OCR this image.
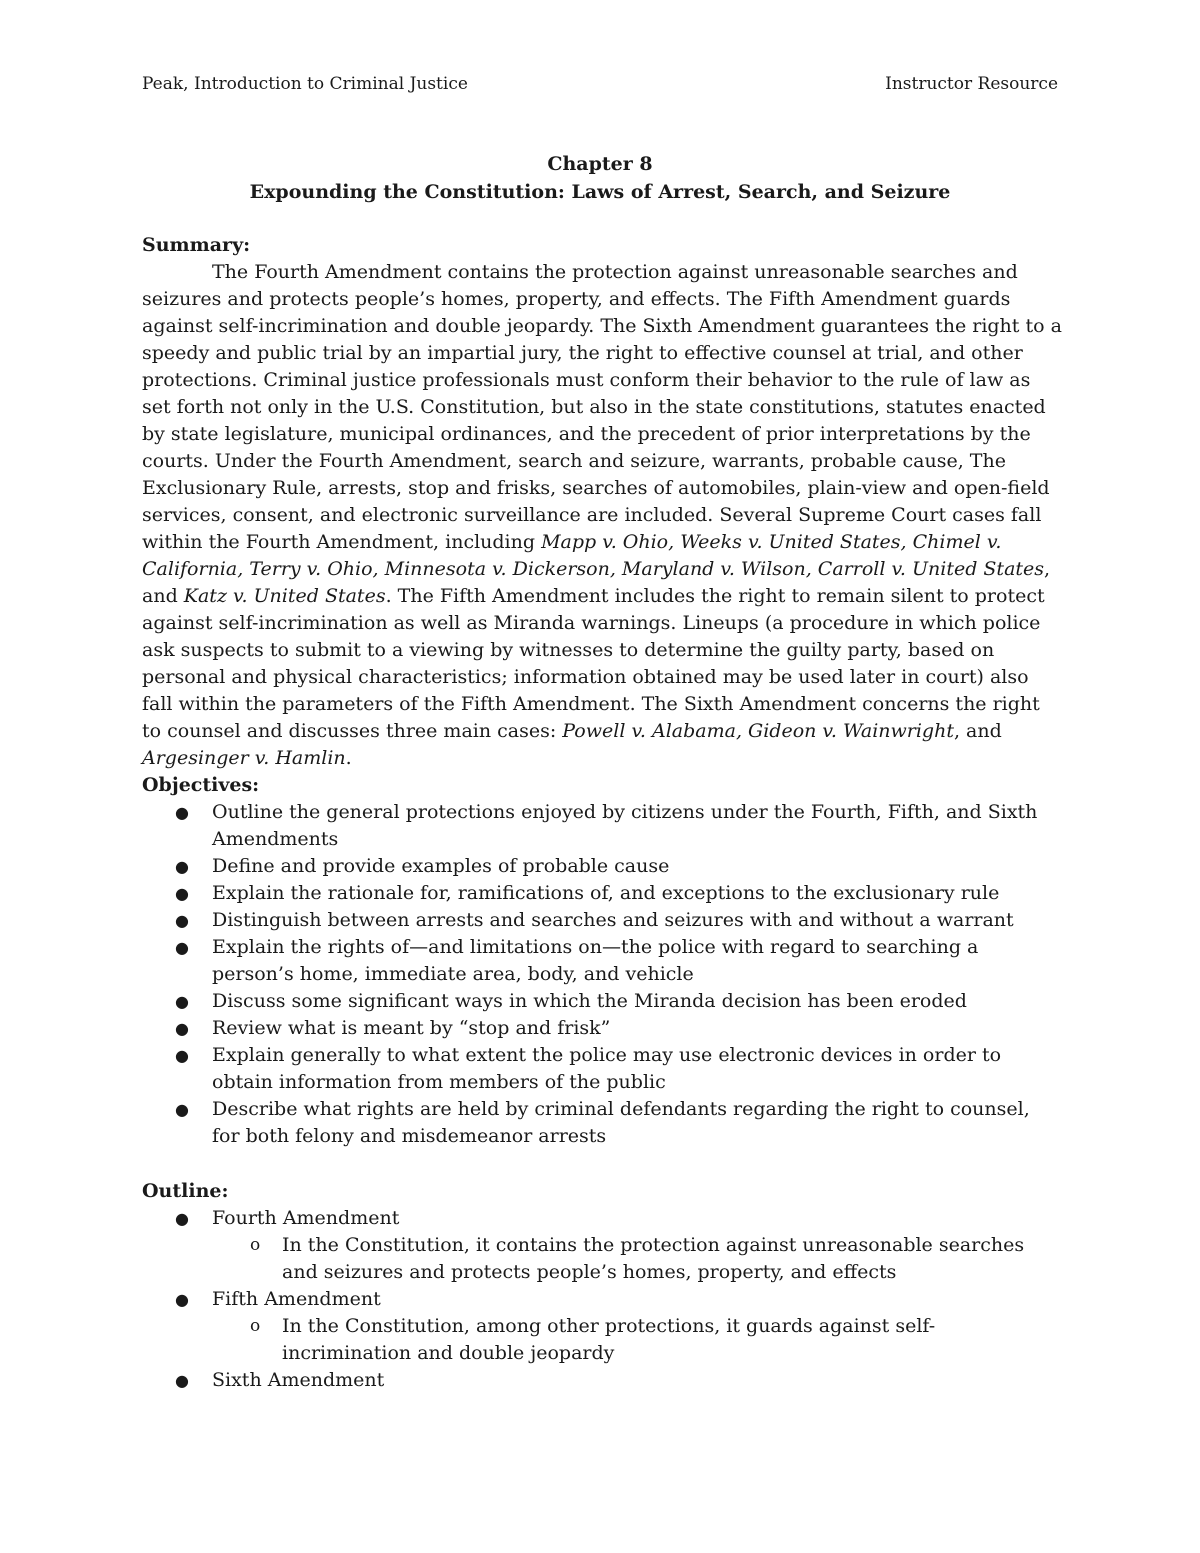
Peak, Introduction to Criminal Justice	Instructor Resource
Chapter 8
Expounding the Constitution: Laws of Arrest, Search, and Seizure

Summary:

The Fourth Amendment contains the protection against unreasonable searches and seizures and protects people’s homes, property, and effects. The Fifth Amendment guards against self-incrimination and double jeopardy. The Sixth Amendment guarantees the right to a speedy and public trial by an impartial jury, the right to effective counsel at trial, and other protections. Criminal justice professionals must conform their behavior to the rule of law as set forth not only in the U.S. Constitution, but also in the state constitutions, statutes enacted by state legislature, municipal ordinances, and the precedent of prior interpretations by the courts. Under the Fourth Amendment, search and seizure, warrants, probable cause, The Exclusionary Rule, arrests, stop and frisks, searches of automobiles, plain-view and open-field services, consent, and electronic surveillance are included. Several Supreme Court cases fall within the Fourth Amendment, including Mapp v. Ohio, Weeks v. United States, Chimel v. California, Terry v. Ohio, Minnesota v. Dickerson, Maryland v. Wilson, Carroll v. United States, and Katz v. United States. The Fifth Amendment includes the right to remain silent to protect against self-incrimination as well as Miranda warnings. Lineups (a procedure in which police ask suspects to submit to a viewing by witnesses to determine the guilty party, based on personal and physical characteristics; information obtained may be used later in court) also fall within the parameters of the Fifth Amendment. The Sixth Amendment concerns the right to counsel and discusses three main cases: Powell v. Alabama, Gideon v. Wainwright, and Argesinger v. Hamlin.

Objectives:

● Outline the general protections enjoyed by citizens under the Fourth, Fifth, and Sixth Amendments
● Define and provide examples of probable cause
● Explain the rationale for, ramifications of, and exceptions to the exclusionary rule
● Distinguish between arrests and searches and seizures with and without a warrant
● Explain the rights of—and limitations on—the police with regard to searching a person’s home, immediate area, body, and vehicle
● Discuss some significant ways in which the Miranda decision has been eroded
● Review what is meant by “stop and frisk”
● Explain generally to what extent the police may use electronic devices in order to obtain information from members of the public
● Describe what rights are held by criminal defendants regarding the right to counsel, for both felony and misdemeanor arrests

Outline:

● Fourth Amendment
o In the Constitution, it contains the protection against unreasonable searches and seizures and protects people’s homes, property, and effects
● Fifth Amendment
o In the Constitution, among other protections, it guards against self-incrimination and double jeopardy
● Sixth Amendment
